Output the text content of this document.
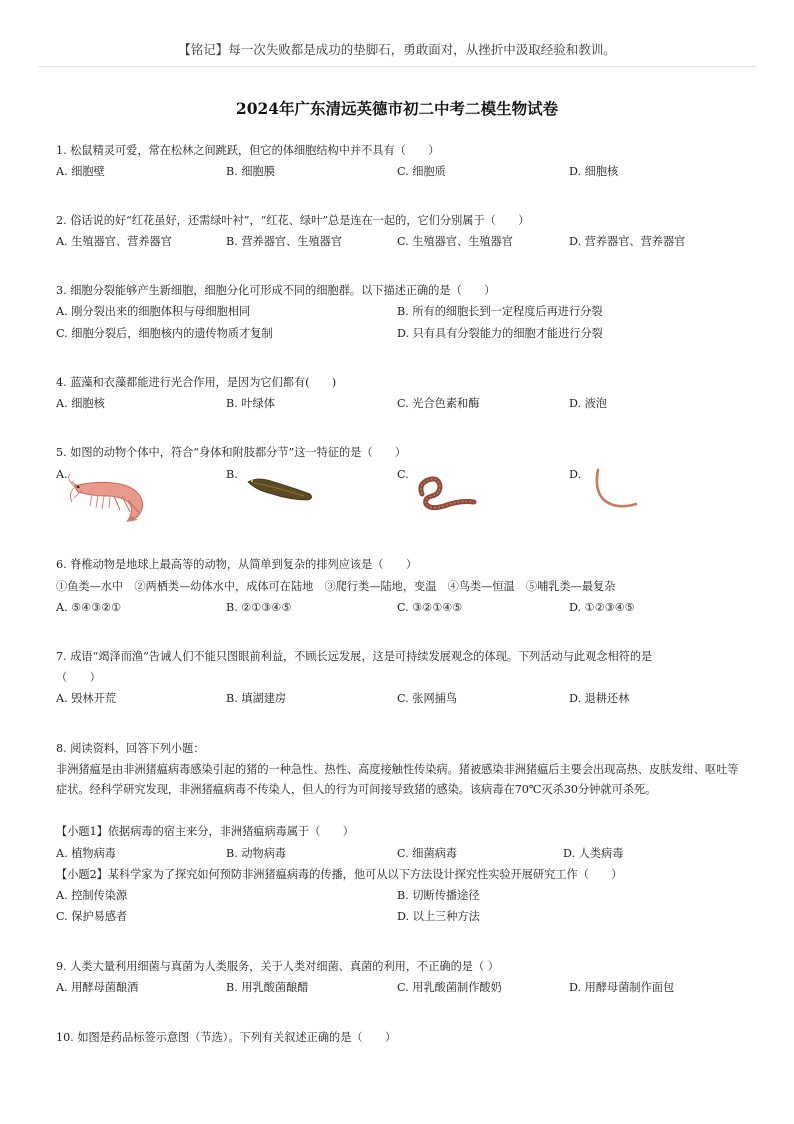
【铭记】每一次失败都是成功的垫脚石，勇敢面对，从挫折中汲取经验和教训。
2024年广东清远英德市初二中考二模生物试卷
1. 松鼠精灵可爱，常在松林之间跳跃，但它的体细胞结构中并不具有（　　）
A. 细胞壁	B. 细胞膜	C. 细胞质	D. 细胞核
2. 俗话说的好“红花虽好，还需绿叶衬”，“红花、绿叶”总是连在一起的，它们分别属于（　　）
A. 生殖器官、营养器官	B. 营养器官、生殖器官	C. 生殖器官、生殖器官	D. 营养器官、营养器官
3. 细胞分裂能够产生新细胞，细胞分化可形成不同的细胞群。以下描述正确的是（　　）
A. 刚分裂出来的细胞体积与母细胞相同	B. 所有的细胞长到一定程度后再进行分裂
C. 细胞分裂后，细胞核内的遗传物质才复制	D. 只有具有分裂能力的细胞才能进行分裂
4. 蓝藻和衣藻都能进行光合作用，是因为它们都有(　　)
A. 细胞核	B. 叶绿体	C. 光合色素和酶	D. 液泡
5. 如图的动物个体中，符合“身体和附肢都分节”这一特征的是（　　）
A.	B.	C.	D.
6. 脊椎动物是地球上最高等的动物，从简单到复杂的排列应该是（　　）
①鱼类—水中　②两栖类—幼体水中，成体可在陆地　③爬行类—陆地，变温　④鸟类—恒温　⑤哺乳类—最复杂
A. ⑤④③②①	B. ②①③④⑤	C. ③②①④⑤	D. ①②③④⑤
7. 成语“竭泽而渔”告诫人们不能只图眼前利益，不顾长远发展，这是可持续发展观念的体现。下列活动与此观念相符的是
（　　）
A. 毁林开荒	B. 填湖建房	C. 张网捕鸟	D. 退耕还林
8. 阅读资料，回答下列小题：
非洲猪瘟是由非洲猪瘟病毒感染引起的猪的一种急性、热性、高度接触性传染病。猪被感染非洲猪瘟后主要会出现高热、皮肤发绀、呕吐等症状。经科学研究发现，非洲猪瘟病毒不传染人，但人的行为可间接导致猪的感染。该病毒在70℃灭杀30分钟就可杀死。
【小题1】依据病毒的宿主来分，非洲猪瘟病毒属于（　　）
A. 植物病毒	B. 动物病毒	C. 细菌病毒	D. 人类病毒
【小题2】某科学家为了探究如何预防非洲猪瘟病毒的传播，他可从以下方法设计探究性实验开展研究工作（　　）
A. 控制传染源	B. 切断传播途径
C. 保护易感者	D. 以上三种方法
9. 人类大量利用细菌与真菌为人类服务，关于人类对细菌、真菌的利用，不正确的是（ ）
A. 用酵母菌酿酒	B. 用乳酸菌酿醋	C. 用乳酸菌制作酸奶	D. 用酵母菌制作面包
10. 如图是药品标签示意图（节选）。下列有关叙述正确的是（　　）
